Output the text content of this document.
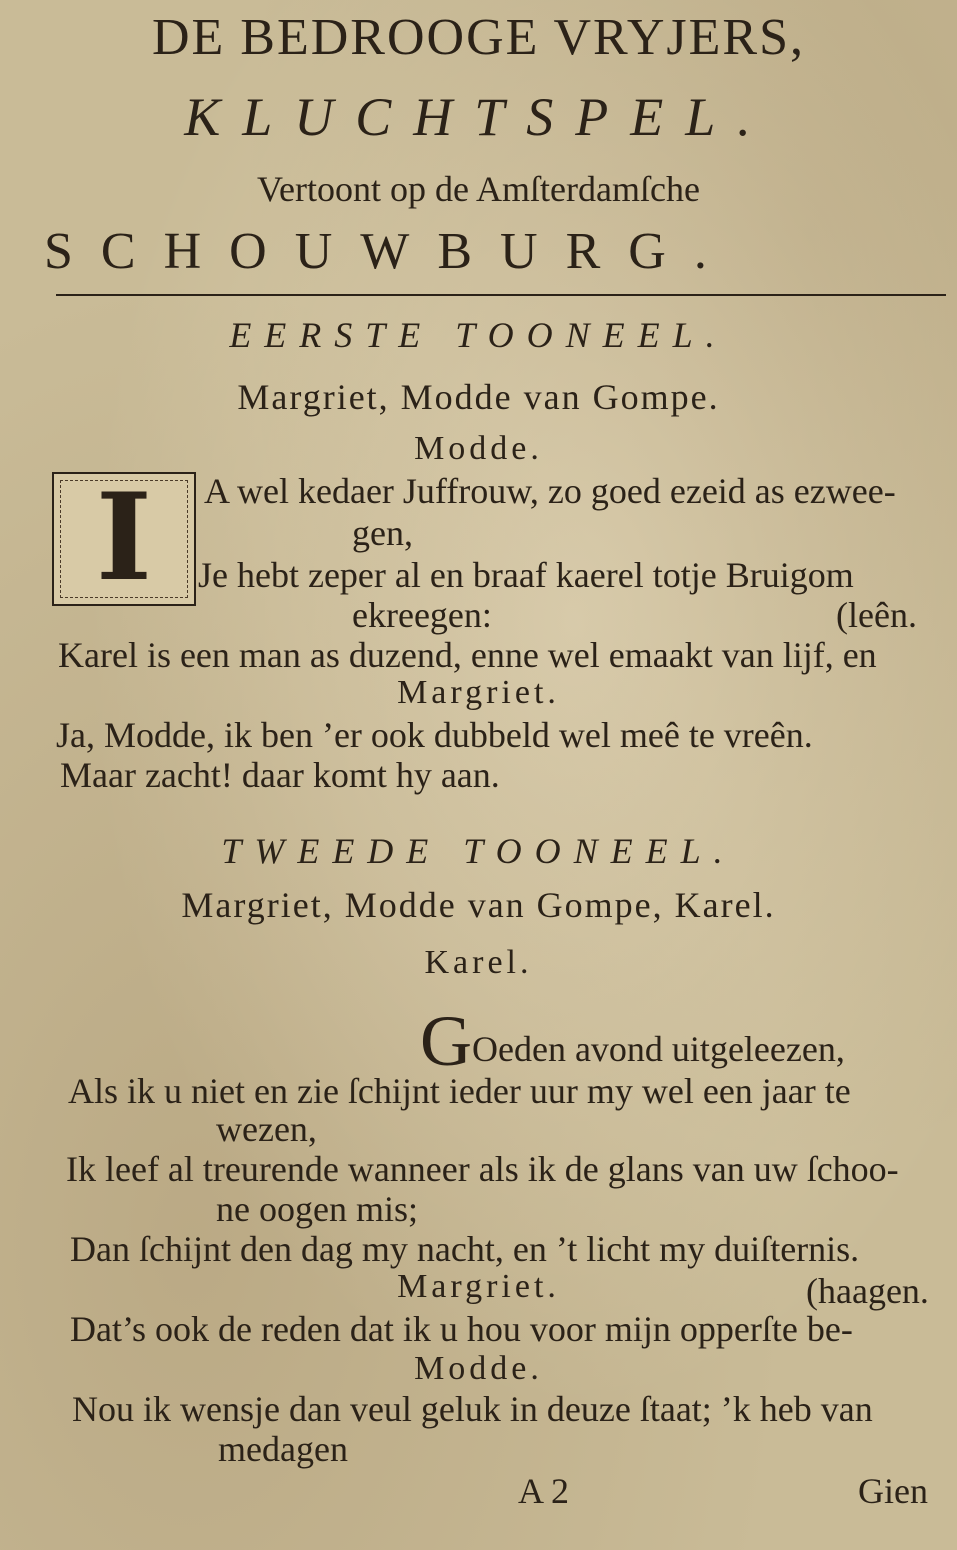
DE BEDROOGE VRYJERS,
KLUCHTSPEL.
Vertoont op de Amſterdamſche
SCHOUWBURG.
EERSTE TOONEEL.
Margriet, Modde van Gompe.
Modde.
I	A wel kedaer Juffrouw, zo goed ezeid as ezwee-
gen,
Je hebt zeper al en braaf kaerel totje Bruigom
ekreegen:	(leên.
Karel is een man as duzend, enne wel emaakt van lijf, en
Margriet.
Ja, Modde, ik ben ’er ook dubbeld wel meê te vreên.
Maar zacht! daar komt hy aan.
TWEEDE TOONEEL.
Margriet, Modde van Gompe, Karel.
Karel.
GOeden avond uitgeleezen,
Als ik u niet en zie ſchijnt ieder uur my wel een jaar te
wezen,
Ik leef al treurende wanneer als ik de glans van uw ſchoo-
ne oogen mis;
Dan ſchijnt den dag my nacht, en ’t licht my duiſternis.
Margriet.	(haagen.
Dat’s ook de reden dat ik u hou voor mijn opperſte be-
Modde.
Nou ik wensje dan veul geluk in deuze ſtaat; ’k heb van
medagen
A 2	Gien
